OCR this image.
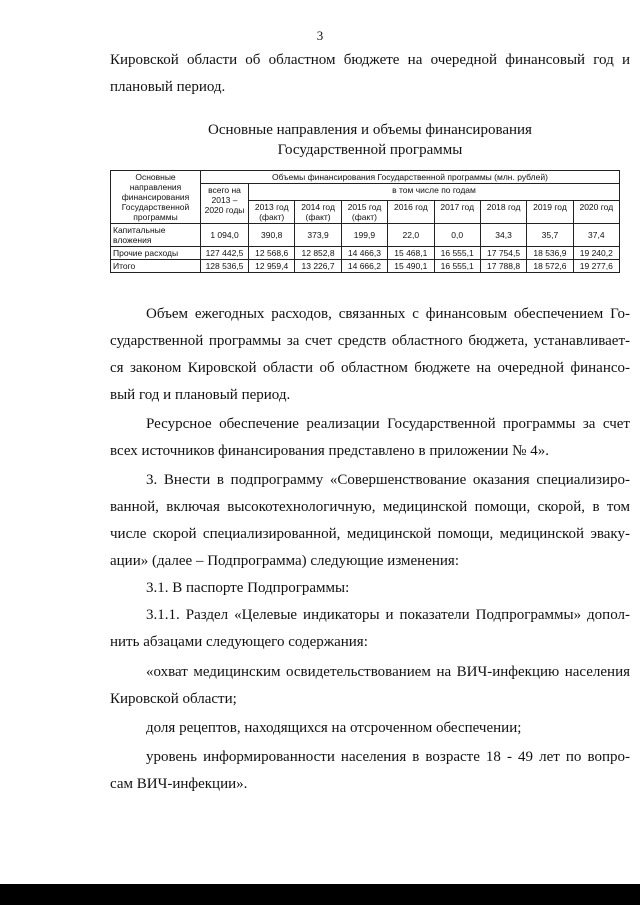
3
Кировской области об областном бюджете на очередной финансовый год и
плановый период.
Основные направления и объемы финансирования
Государственной программы
Основные направления финансирования Государственной программы	Объемы финансирования Государственной программы (млн. рублей)								
	всего на 2013 – 2020 годы	в том числе по годам							
		2013 год (факт)	2014 год (факт)	2015 год (факт)	2016 год	2017 год	2018 год	2019 год	2020 год
Капитальные вложения	1 094,0	390,8	373,9	199,9	22,0	0,0	34,3	35,7	37,4
Прочие расходы	127 442,5	12 568,6	12 852,8	14 466,3	15 468,1	16 555,1	17 754,5	18 536,9	19 240,2
Итого	128 536,5	12 959,4	13 226,7	14 666,2	15 490,1	16 555,1	17 788,8	18 572,6	19 277,6
Объем ежегодных расходов, связанных с финансовым обеспечением Го-
сударственной программы за счет средств областного бюджета, устанавливает-
ся законом Кировской области об областном бюджете на очередной финансо-
вый год и плановый период.
Ресурсное обеспечение реализации Государственной программы за счет
всех источников финансирования представлено в приложении № 4».
3. Внести в подпрограмму «Совершенствование оказания специализиро-
ванной, включая высокотехнологичную, медицинской помощи, скорой, в том
числе скорой специализированной, медицинской помощи, медицинской эваку-
ации» (далее – Подпрограмма) следующие изменения:
3.1. В паспорте Подпрограммы:
3.1.1. Раздел «Целевые индикаторы и показатели Подпрограммы» допол-
нить абзацами следующего содержания:
«охват медицинским освидетельствованием на ВИЧ-инфекцию населения
Кировской области;
доля рецептов, находящихся на отсроченном обеспечении;
уровень информированности населения в возрасте 18 - 49 лет по вопро-
сам ВИЧ-инфекции».
